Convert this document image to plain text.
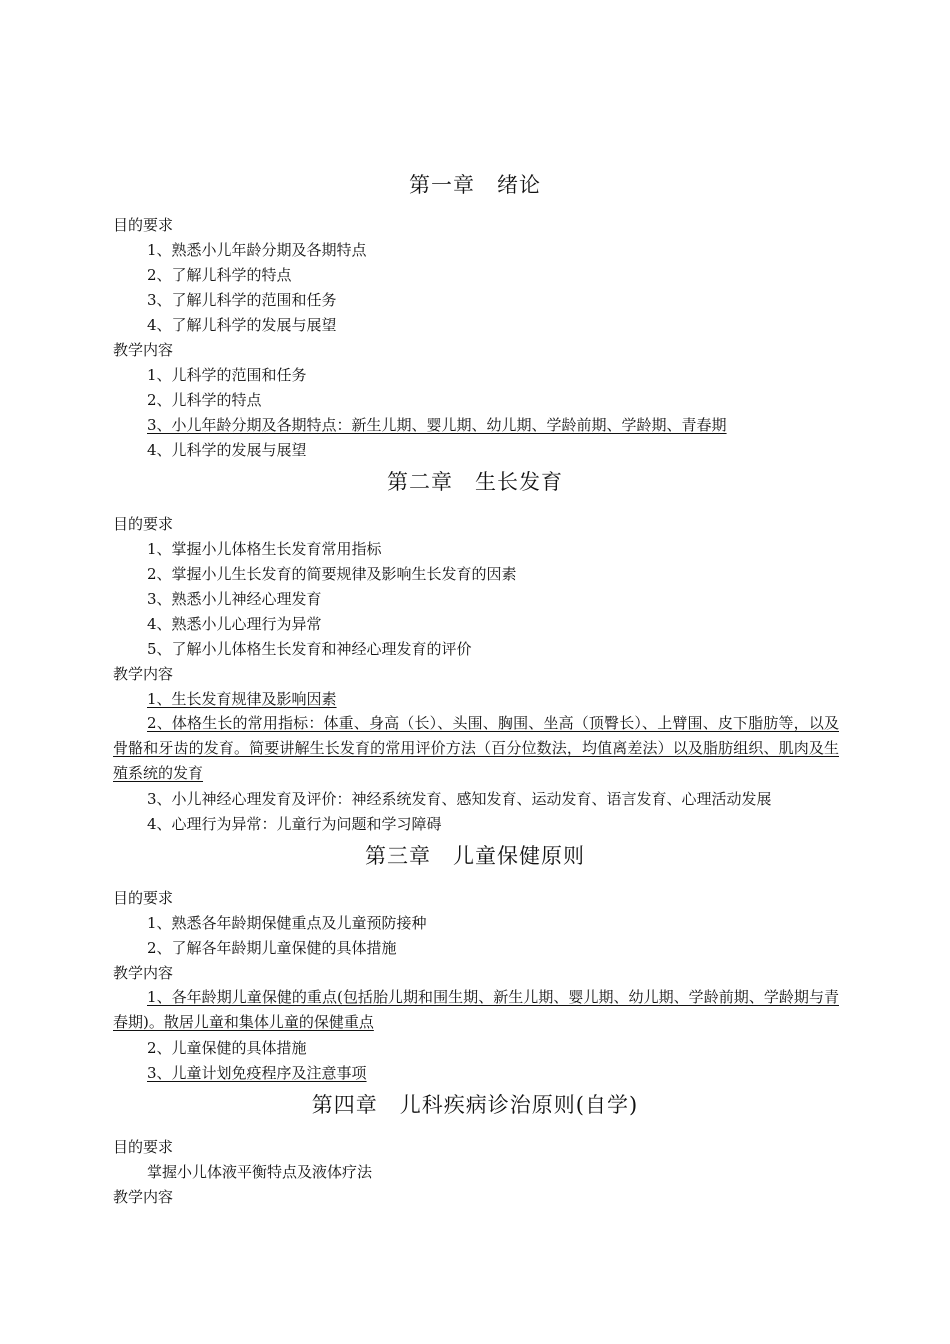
第一章　绪论
目的要求
1、熟悉小儿年龄分期及各期特点
2、了解儿科学的特点
3、了解儿科学的范围和任务
4、了解儿科学的发展与展望
教学内容
1、儿科学的范围和任务
2、儿科学的特点
3、小儿年龄分期及各期特点：新生儿期、婴儿期、幼儿期、学龄前期、学龄期、青春期
4、儿科学的发展与展望
第二章　生长发育
目的要求
1、掌握小儿体格生长发育常用指标
2、掌握小儿生长发育的简要规律及影响生长发育的因素
3、熟悉小儿神经心理发育
4、熟悉小儿心理行为异常
5、了解小儿体格生长发育和神经心理发育的评价
教学内容
1、生长发育规律及影响因素
2、体格生长的常用指标：体重、身高（长）、头围、胸围、坐高（顶臀长）、上臂围、皮下脂肪等，以及骨骼和牙齿的发育。简要讲解生长发育的常用评价方法（百分位数法，均值离差法）以及脂肪组织、肌肉及生殖系统的发育
3、小儿神经心理发育及评价：神经系统发育、感知发育、运动发育、语言发育、心理活动发展
4、心理行为异常：儿童行为问题和学习障碍
第三章　儿童保健原则
目的要求
1、熟悉各年龄期保健重点及儿童预防接种
2、了解各年龄期儿童保健的具体措施
教学内容
1、各年龄期儿童保健的重点(包括胎儿期和围生期、新生儿期、婴儿期、幼儿期、学龄前期、学龄期与青春期)。散居儿童和集体儿童的保健重点
2、儿童保健的具体措施
3、儿童计划免疫程序及注意事项
第四章　儿科疾病诊治原则(自学)
目的要求
掌握小儿体液平衡特点及液体疗法
教学内容
